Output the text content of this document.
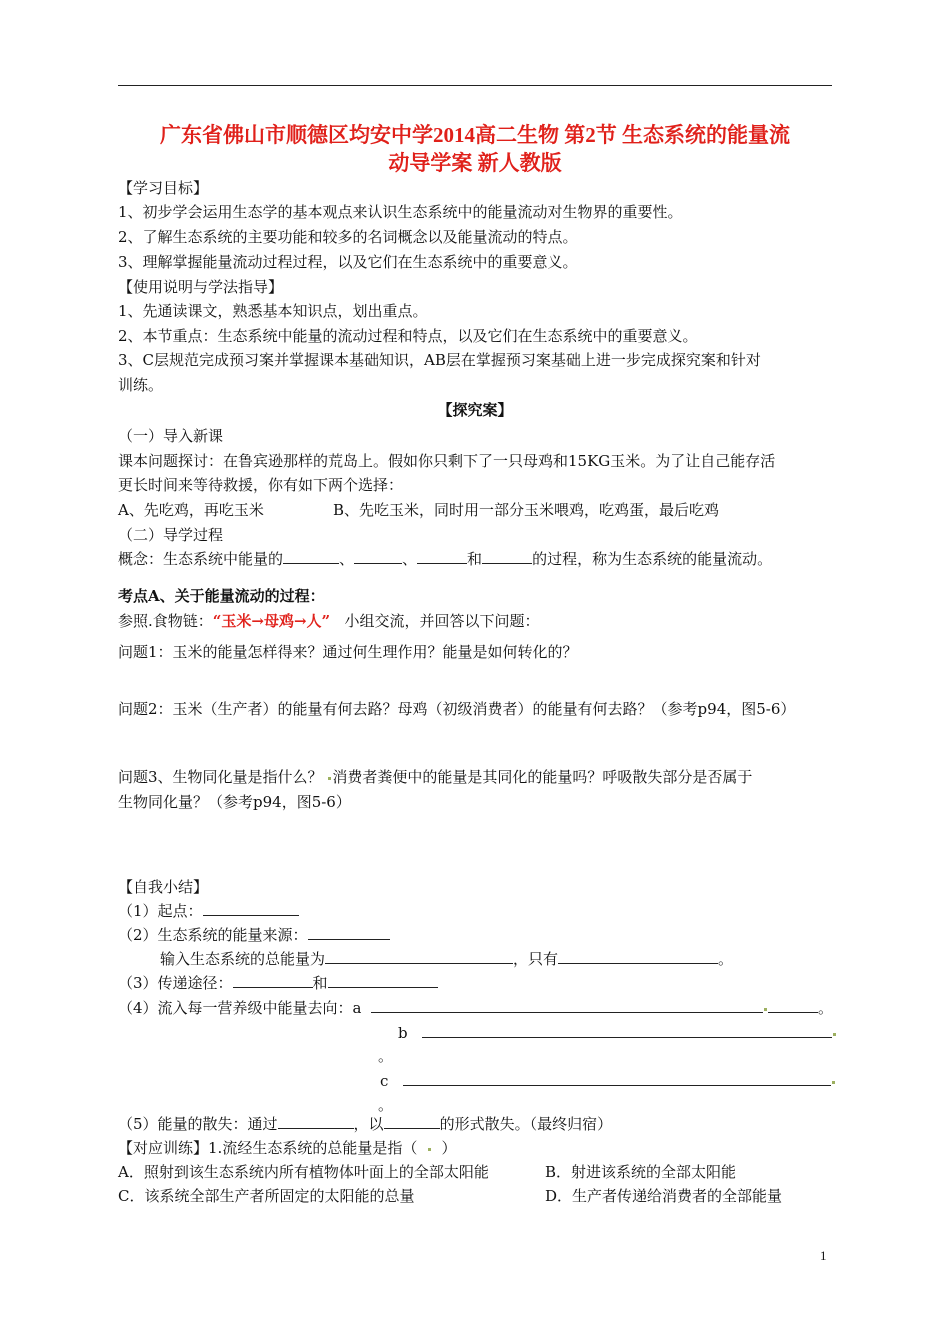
广东省佛山市顺德区均安中学2014高二生物 第2节 生态系统的能量流
动导学案 新人教版
【学习目标】
1、初步学会运用生态学的基本观点来认识生态系统中的能量流动对生物界的重要性。
2、了解生态系统的主要功能和较多的名词概念以及能量流动的特点。
3、理解掌握能量流动过程过程，以及它们在生态系统中的重要意义。
【使用说明与学法指导】
1、先通读课文，熟悉基本知识点，划出重点。
2、本节重点：生态系统中能量的流动过程和特点，以及它们在生态系统中的重要意义。
3、C层规范完成预习案并掌握课本基础知识，AB层在掌握预习案基础上进一步完成探究案和针对
训练。
【探究案】
（一）导入新课
课本问题探讨：在鲁宾逊那样的荒岛上。假如你只剩下了一只母鸡和15KG玉米。为了让自己能存活
更长时间来等待救援，你有如下两个选择：
A、先吃鸡，再吃玉米	B、先吃玉米，同时用一部分玉米喂鸡，吃鸡蛋，最后吃鸡
（二）导学过程
概念：生态系统中能量的	、	、	和	的过程，称为生态系统的能量流动。
考点A、关于能量流动的过程：
参照.食物链：“玉米→母鸡→人” 小组交流，并回答以下问题：
问题1：玉米的能量怎样得来？通过何生理作用？能量是如何转化的？
问题2：玉米（生产者）的能量有何去路？母鸡（初级消费者）的能量有何去路？（参考p94，图5-6）
问题3、生物同化量是指什么？ 消费者粪便中的能量是其同化的能量吗？呼吸散失部分是否属于
生物同化量？（参考p94，图5-6）
【自我小结】
（1）起点：
（2）生态系统的能量来源：
输入生态系统的总能量为	，只有	。
（3）传递途径：	和
（4）流入每一营养级中能量去向：a	。
b
。
c
。
（5）能量的散失：通过	，以	的形式散失。（最终归宿）
【对应训练】1.流经生态系统的总能量是指（ ）
A．照射到该生态系统内所有植物体叶面上的全部太阳能	B．射进该系统的全部太阳能
C．该系统全部生产者所固定的太阳能的总量	D．生产者传递给消费者的全部能量
1
